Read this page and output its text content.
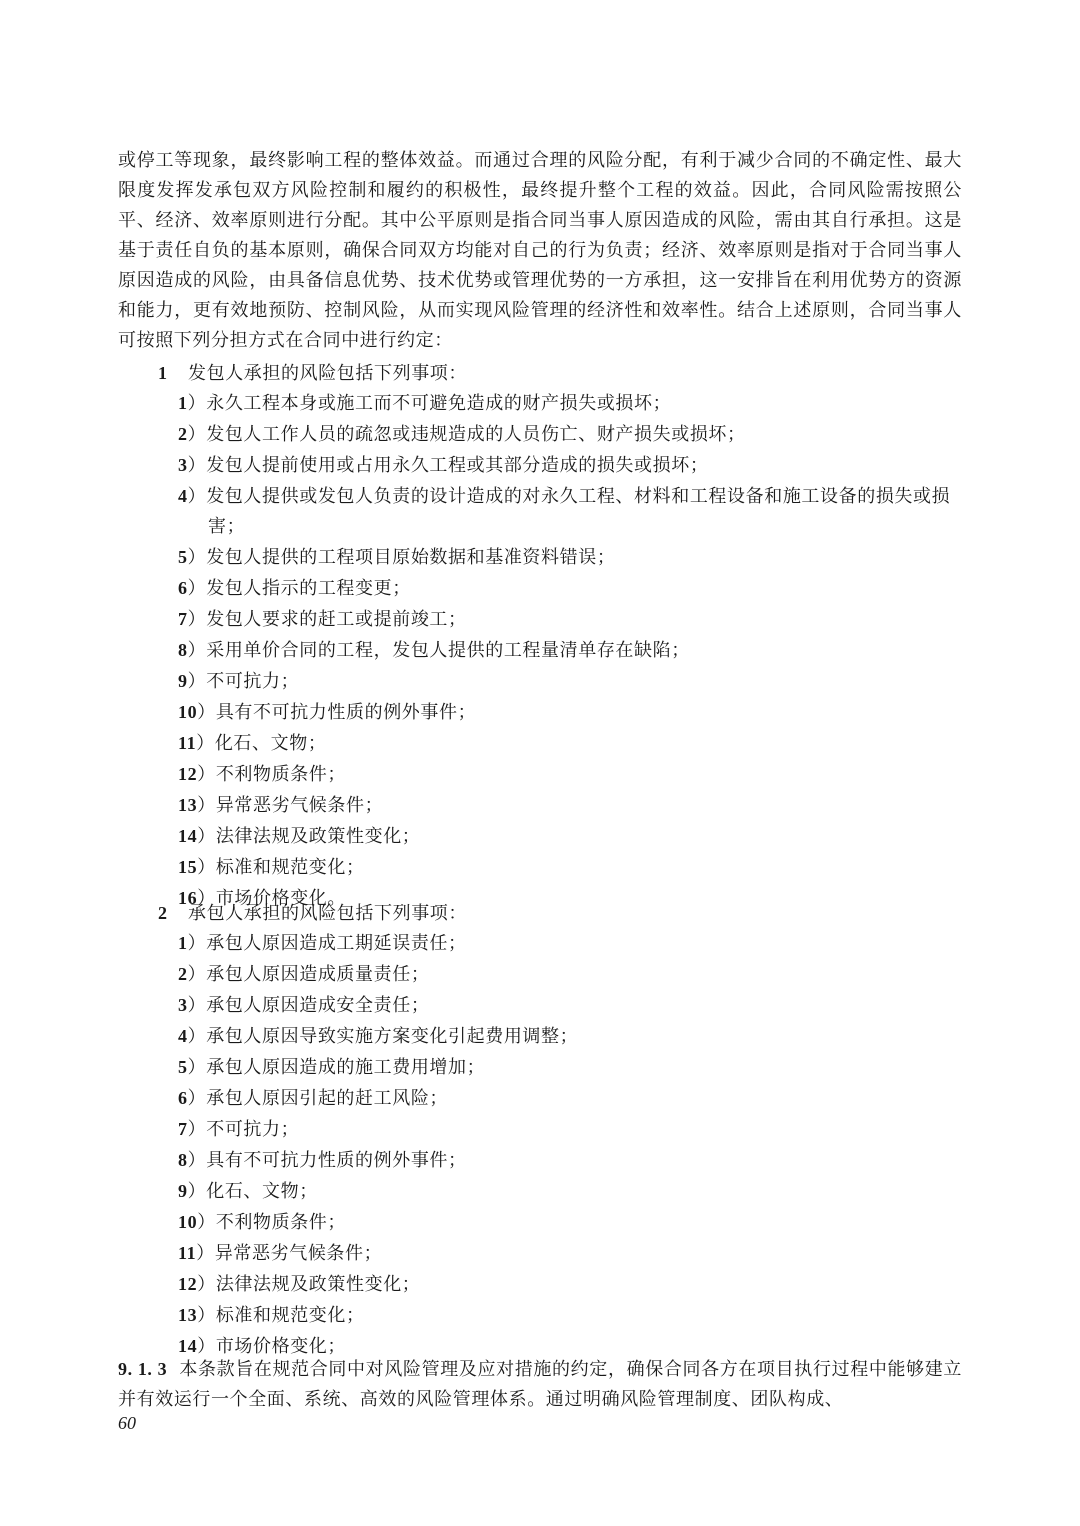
或停工等现象，最终影响工程的整体效益。而通过合理的风险分配，有利于减少合同的不确定性、最大限度发挥发承包双方风险控制和履约的积极性，最终提升整个工程的效益。因此，合同风险需按照公平、经济、效率原则进行分配。其中公平原则是指合同当事人原因造成的风险，需由其自行承担。这是基于责任自负的基本原则，确保合同双方均能对自己的行为负责；经济、效率原则是指对于合同当事人原因造成的风险，由具备信息优势、技术优势或管理优势的一方承担，这一安排旨在利用优势方的资源和能力，更有效地预防、控制风险，从而实现风险管理的经济性和效率性。结合上述原则，合同当事人可按照下列分担方式在合同中进行约定：

1 发包人承担的风险包括下列事项：
1）永久工程本身或施工而不可避免造成的财产损失或损坏；
2）发包人工作人员的疏忽或违规造成的人员伤亡、财产损失或损坏；
3）发包人提前使用或占用永久工程或其部分造成的损失或损坏；
4）发包人提供或发包人负责的设计造成的对永久工程、材料和工程设备和施工设备的损失或损害；
5）发包人提供的工程项目原始数据和基准资料错误；
6）发包人指示的工程变更；
7）发包人要求的赶工或提前竣工；
8）采用单价合同的工程，发包人提供的工程量清单存在缺陷；
9）不可抗力；
10）具有不可抗力性质的例外事件；
11）化石、文物；
12）不利物质条件；
13）异常恶劣气候条件；
14）法律法规及政策性变化；
15）标准和规范变化；
16）市场价格变化。
2 承包人承担的风险包括下列事项：
1）承包人原因造成工期延误责任；
2）承包人原因造成质量责任；
3）承包人原因造成安全责任；
4）承包人原因导致实施方案变化引起费用调整；
5）承包人原因造成的施工费用增加；
6）承包人原因引起的赶工风险；
7）不可抗力；
8）具有不可抗力性质的例外事件；
9）化石、文物；
10）不利物质条件；
11）异常恶劣气候条件；
12）法律法规及政策性变化；
13）标准和规范变化；
14）市场价格变化；

9. 1. 3 本条款旨在规范合同中对风险管理及应对措施的约定，确保合同各方在项目执行过程中能够建立并有效运行一个全面、系统、高效的风险管理体系。通过明确风险管理制度、团队构成、

60
